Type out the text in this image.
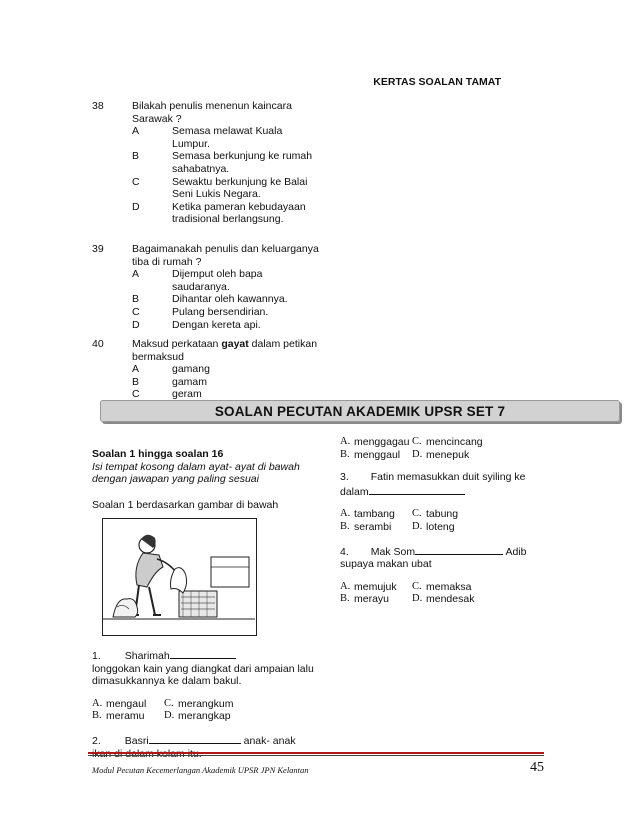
KERTAS SOALAN TAMAT
38	Bilakah penulis menenun kaincara Sarawak ?
A	Semasa melawat Kuala Lumpur.
B	Semasa berkunjung ke rumah sahabatnya.
C	Sewaktu berkunjung ke Balai Seni Lukis Negara.
D	Ketika pameran kebudayaan tradisional berlangsung.
39	Bagaimanakah penulis dan keluarganya tiba di rumah ?
A	Dijemput oleh bapa saudaranya.
B	Dihantar oleh kawannya.
C	Pulang bersendirian.
D	Dengan kereta api.
40	Maksud perkataan gayat dalam petikan bermaksud
A	gamang
B	gamam
C	geram
SOALAN PECUTAN AKADEMIK UPSR SET 7
Soalan 1 hingga soalan 16
Isi tempat kosong dalam ayat- ayat di bawah dengan jawapan yang paling sesuai
Soalan 1 berdasarkan gambar di bawah
1. Sharimah
longgokan kain yang diangkat dari ampaian lalu dimasukkannya ke dalam bakul.
A. mengaul	C. merangkum
B. meramu	D. merangkap
2. Basri	anak- anak
A. menggagau C. mencincang
B. menggaul	D. menepuk
3. Fatin memasukkan duit syiling ke dalam
A. tambang	C. tabung
B. serambi	D. loteng
4. Mak Som	Adib
supaya makan ubat
A. memujuk	C. memaksa
B. merayu	D. mendesak
Modul Pecutan Kecemerlangan Akademik UPSR JPN Kelantan	45
